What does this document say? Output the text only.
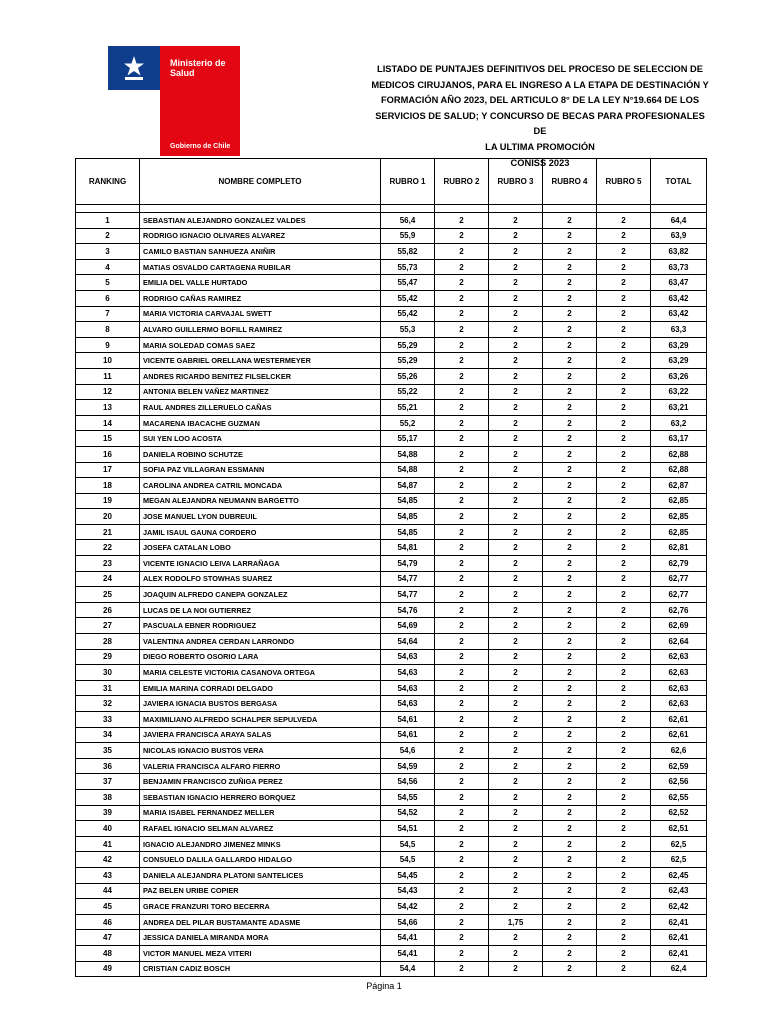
Ministerio de
Salud
Gobierno de Chile
LISTADO DE PUNTAJES DEFINITIVOS DEL PROCESO DE SELECCION DE
MEDICOS CIRUJANOS, PARA EL INGRESO A LA ETAPA DE DESTINACIÓN Y
FORMACIÓN AÑO 2023, DEL ARTICULO 8° DE LA LEY N°19.664 DE LOS
SERVICIOS DE SALUD; Y CONCURSO DE BECAS PARA PROFESIONALES DE
LA ULTIMA PROMOCIÓN
CONISS 2023
RANKING	NOMBRE COMPLETO	RUBRO 1	RUBRO 2	RUBRO 3	RUBRO 4	RUBRO 5	TOTAL

1	SEBASTIAN ALEJANDRO GONZALEZ VALDES	56,4	2	2	2	2	64,4
2	RODRIGO IGNACIO OLIVARES ALVAREZ	55,9	2	2	2	2	63,9
3	CAMILO BASTIAN SANHUEZA ANIÑIR	55,82	2	2	2	2	63,82
4	MATIAS OSVALDO CARTAGENA RUBILAR	55,73	2	2	2	2	63,73
5	EMILIA DEL VALLE HURTADO	55,47	2	2	2	2	63,47
6	RODRIGO CAÑAS RAMIREZ	55,42	2	2	2	2	63,42
7	MARIA VICTORIA CARVAJAL SWETT	55,42	2	2	2	2	63,42
8	ALVARO GUILLERMO BOFILL RAMIREZ	55,3	2	2	2	2	63,3
9	MARIA SOLEDAD COMAS SAEZ	55,29	2	2	2	2	63,29
10	VICENTE GABRIEL ORELLANA WESTERMEYER	55,29	2	2	2	2	63,29
11	ANDRES RICARDO BENITEZ FILSELCKER	55,26	2	2	2	2	63,26
12	ANTONIA BELEN VAÑEZ MARTINEZ	55,22	2	2	2	2	63,22
13	RAUL ANDRES ZILLERUELO CAÑAS	55,21	2	2	2	2	63,21
14	MACARENA IBACACHE GUZMAN	55,2	2	2	2	2	63,2
15	SUI YEN LOO ACOSTA	55,17	2	2	2	2	63,17
16	DANIELA ROBINO SCHUTZE	54,88	2	2	2	2	62,88
17	SOFIA PAZ VILLAGRAN ESSMANN	54,88	2	2	2	2	62,88
18	CAROLINA ANDREA CATRIL MONCADA	54,87	2	2	2	2	62,87
19	MEGAN ALEJANDRA NEUMANN BARGETTO	54,85	2	2	2	2	62,85
20	JOSE MANUEL LYON DUBREUIL	54,85	2	2	2	2	62,85
21	JAMIL ISAUL GAUNA CORDERO	54,85	2	2	2	2	62,85
22	JOSEFA CATALAN LOBO	54,81	2	2	2	2	62,81
23	VICENTE IGNACIO LEIVA LARRAÑAGA	54,79	2	2	2	2	62,79
24	ALEX RODOLFO STOWHAS SUAREZ	54,77	2	2	2	2	62,77
25	JOAQUIN ALFREDO CANEPA GONZALEZ	54,77	2	2	2	2	62,77
26	LUCAS DE LA NOI GUTIERREZ	54,76	2	2	2	2	62,76
27	PASCUALA EBNER RODRIGUEZ	54,69	2	2	2	2	62,69
28	VALENTINA ANDREA CERDAN LARRONDO	54,64	2	2	2	2	62,64
29	DIEGO ROBERTO OSORIO LARA	54,63	2	2	2	2	62,63
30	MARIA CELESTE VICTORIA CASANOVA ORTEGA	54,63	2	2	2	2	62,63
31	EMILIA MARINA CORRADI DELGADO	54,63	2	2	2	2	62,63
32	JAVIERA IGNACIA BUSTOS BERGASA	54,63	2	2	2	2	62,63
33	MAXIMILIANO ALFREDO SCHALPER SEPULVEDA	54,61	2	2	2	2	62,61
34	JAVIERA FRANCISCA ARAYA SALAS	54,61	2	2	2	2	62,61
35	NICOLAS IGNACIO BUSTOS VERA	54,6	2	2	2	2	62,6
36	VALERIA FRANCISCA ALFARO FIERRO	54,59	2	2	2	2	62,59
37	BENJAMIN FRANCISCO ZUÑIGA PEREZ	54,56	2	2	2	2	62,56
38	SEBASTIAN IGNACIO HERRERO BORQUEZ	54,55	2	2	2	2	62,55
39	MARIA ISABEL FERNANDEZ MELLER	54,52	2	2	2	2	62,52
40	RAFAEL IGNACIO SELMAN ALVAREZ	54,51	2	2	2	2	62,51
41	IGNACIO ALEJANDRO JIMENEZ MINKS	54,5	2	2	2	2	62,5
42	CONSUELO DALILA GALLARDO HIDALGO	54,5	2	2	2	2	62,5
43	DANIELA ALEJANDRA PLATONI SANTELICES	54,45	2	2	2	2	62,45
44	PAZ BELEN URIBE COPIER	54,43	2	2	2	2	62,43
45	GRACE FRANZURI TORO BECERRA	54,42	2	2	2	2	62,42
46	ANDREA DEL PILAR BUSTAMANTE ADASME	54,66	2	1,75	2	2	62,41
47	JESSICA DANIELA MIRANDA MORA	54,41	2	2	2	2	62,41
48	VICTOR MANUEL MEZA VITERI	54,41	2	2	2	2	62,41
49	CRISTIAN CADIZ BOSCH	54,4	2	2	2	2	62,4
Página 1
